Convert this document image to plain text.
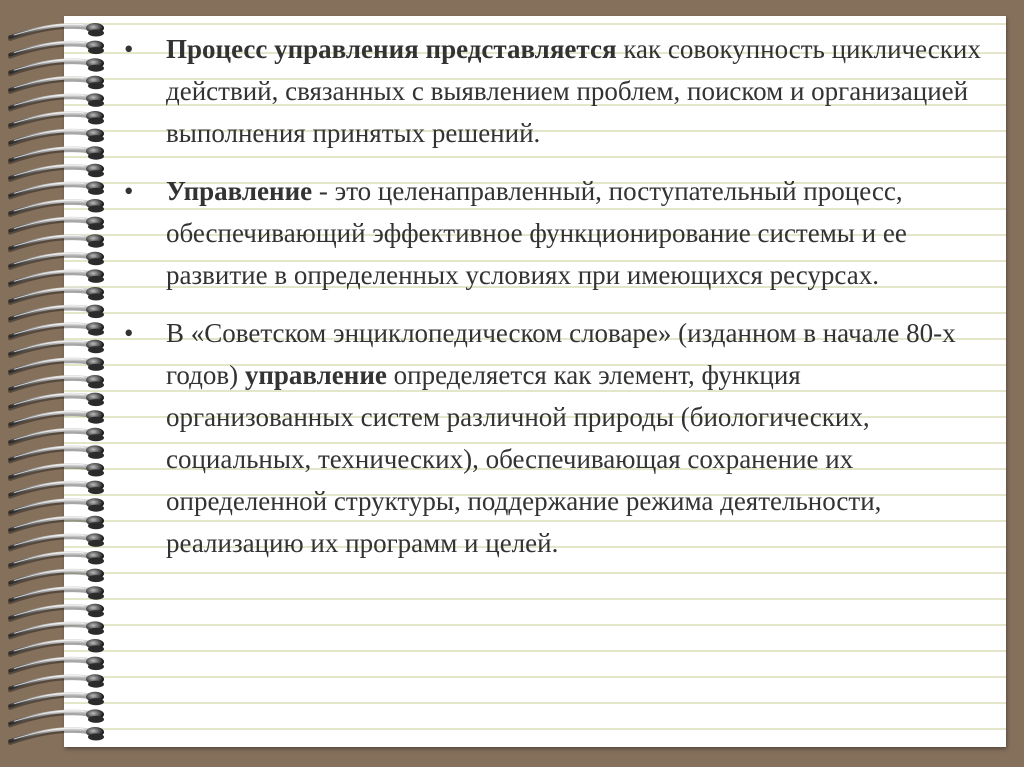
• Процесс управления представляется как совокупность циклических действий, связанных с выявлением проблем, поиском и организацией выполнения принятых решений.
• Управление - это целенаправленный, поступательный процесс, обеспечивающий эффективное функционирование системы и ее развитие в определенных условиях при имеющихся ресурсах.
• В «Советском энциклопедическом словаре» (изданном в начале 80-х годов) управление определяется как элемент, функция организованных систем различной природы (биологических, социальных, технических), обеспечивающая сохранение их определенной структуры, поддержание режима деятельности, реализацию их программ и целей.
